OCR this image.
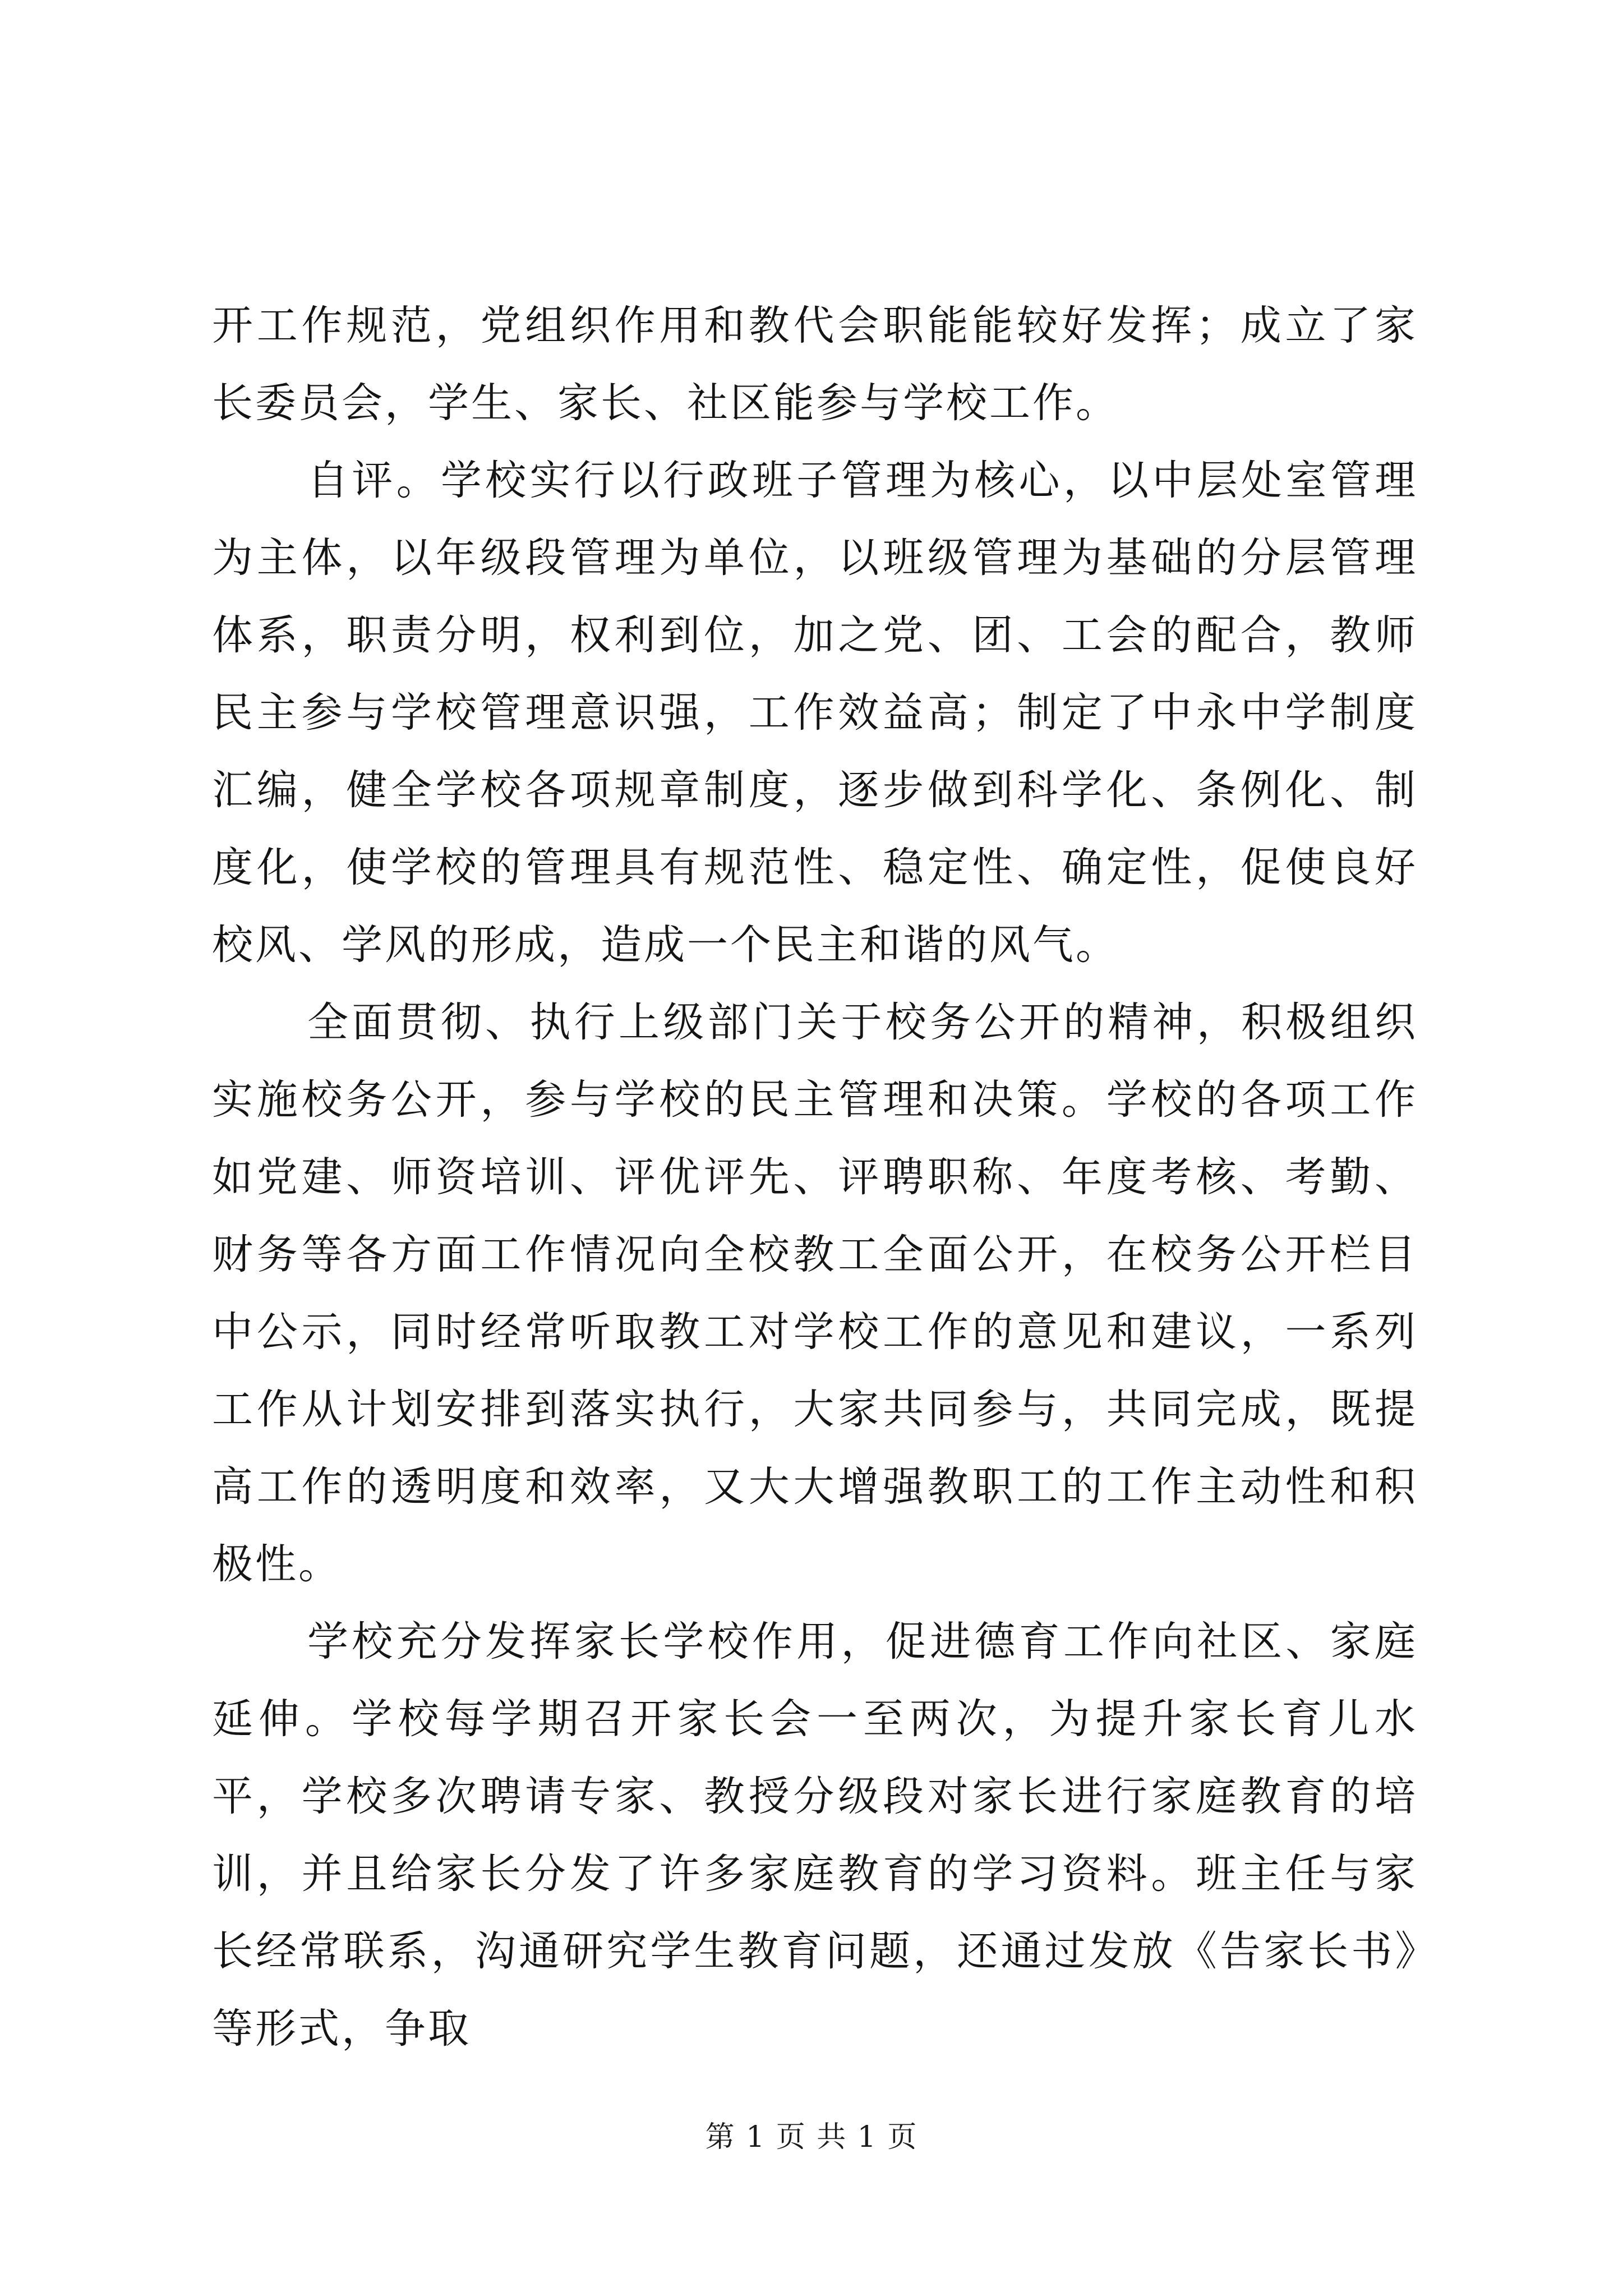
开工作规范，党组织作用和教代会职能能较好发挥；成立了家长委员会，学生、家长、社区能参与学校工作。

自评。学校实行以行政班子管理为核心，以中层处室管理为主体，以年级段管理为单位，以班级管理为基础的分层管理体系，职责分明，权利到位，加之党、团、工会的配合，教师民主参与学校管理意识强，工作效益高；制定了中永中学制度汇编，健全学校各项规章制度，逐步做到科学化、条例化、制度化，使学校的管理具有规范性、稳定性、确定性，促使良好校风、学风的形成，造成一个民主和谐的风气。

全面贯彻、执行上级部门关于校务公开的精神，积极组织实施校务公开，参与学校的民主管理和决策。学校的各项工作如党建、师资培训、评优评先、评聘职称、年度考核、考勤、财务等各方面工作情况向全校教工全面公开，在校务公开栏目中公示，同时经常听取教工对学校工作的意见和建议，一系列工作从计划安排到落实执行，大家共同参与，共同完成，既提高工作的透明度和效率，又大大增强教职工的工作主动性和积极性。

学校充分发挥家长学校作用，促进德育工作向社区、家庭延伸。学校每学期召开家长会一至两次，为提升家长育儿水平，学校多次聘请专家、教授分级段对家长进行家庭教育的培训，并且给家长分发了许多家庭教育的学习资料。班主任与家长经常联系，沟通研究学生教育问题，还通过发放《告家长书》等形式，争取

第 1 页 共 1 页
